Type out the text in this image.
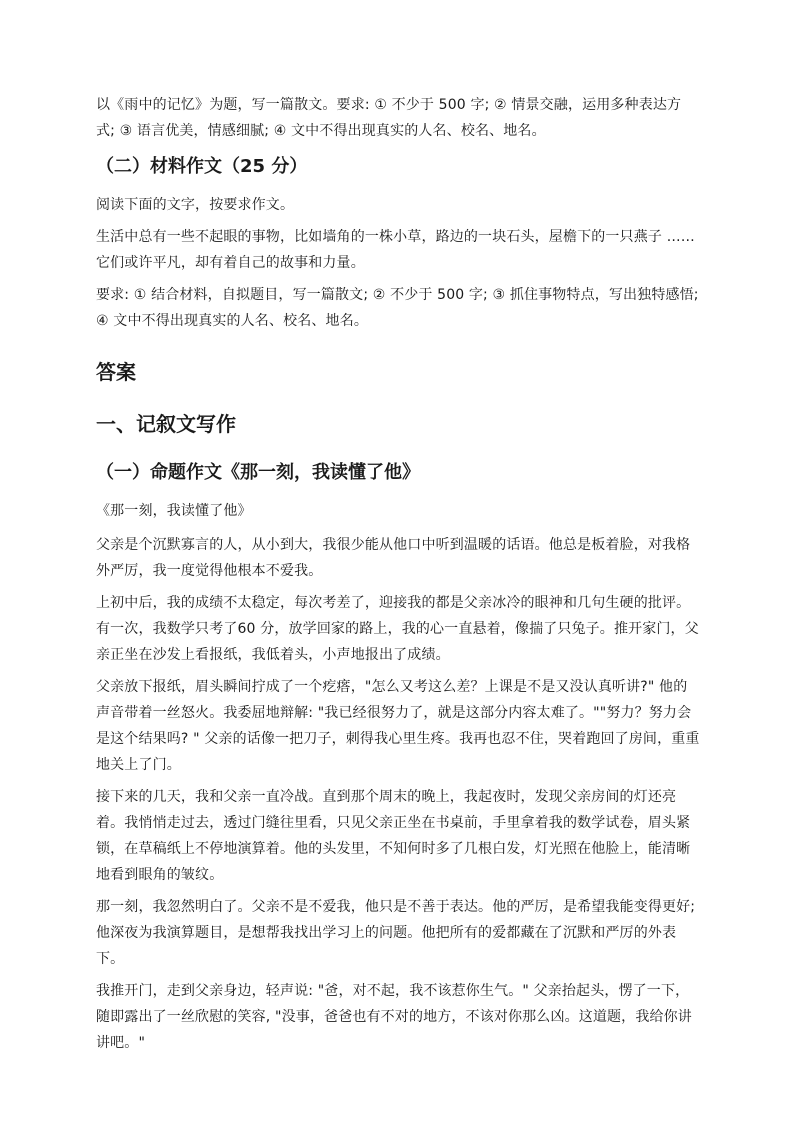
以《雨中的记忆》为题，写一篇散文。要求: ① 不少于 500 字; ② 情景交融，运用多种表达方式; ③ 语言优美，情感细腻; ④ 文中不得出现真实的人名、校名、地名。

（二）材料作文（25 分）

阅读下面的文字，按要求作文。

生活中总有一些不起眼的事物，比如墙角的一株小草，路边的一块石头，屋檐下的一只燕子 …… 它们或许平凡，却有着自己的故事和力量。

要求: ① 结合材料，自拟题目，写一篇散文; ② 不少于 500 字; ③ 抓住事物特点，写出独特感悟; ④ 文中不得出现真实的人名、校名、地名。

答案
一、记叙文写作
（一）命题作文《那一刻，我读懂了他》

《那一刻，我读懂了他》

父亲是个沉默寡言的人，从小到大，我很少能从他口中听到温暖的话语。他总是板着脸，对我格外严厉，我一度觉得他根本不爱我。

上初中后，我的成绩不太稳定，每次考差了，迎接我的都是父亲冰冷的眼神和几句生硬的批评。有一次，我数学只考了60 分，放学回家的路上，我的心一直悬着，像揣了只兔子。推开家门，父亲正坐在沙发上看报纸，我低着头，小声地报出了成绩。

父亲放下报纸，眉头瞬间拧成了一个疙瘩，"怎么又考这么差？上课是不是又没认真听讲?" 他的声音带着一丝怒火。我委屈地辩解: "我已经很努力了，就是这部分内容太难了。""努力？努力会是这个结果吗? " 父亲的话像一把刀子，刺得我心里生疼。我再也忍不住，哭着跑回了房间，重重地关上了门。

接下来的几天，我和父亲一直冷战。直到那个周末的晚上，我起夜时，发现父亲房间的灯还亮着。我悄悄走过去，透过门缝往里看，只见父亲正坐在书桌前，手里拿着我的数学试卷，眉头紧锁，在草稿纸上不停地演算着。他的头发里，不知何时多了几根白发，灯光照在他脸上，能清晰地看到眼角的皱纹。

那一刻，我忽然明白了。父亲不是不爱我，他只是不善于表达。他的严厉，是希望我能变得更好; 他深夜为我演算题目，是想帮我找出学习上的问题。他把所有的爱都藏在了沉默和严厉的外表下。

我推开门，走到父亲身边，轻声说: "爸，对不起，我不该惹你生气。" 父亲抬起头，愣了一下，随即露出了一丝欣慰的笑容, "没事，爸爸也有不对的地方，不该对你那么凶。这道题，我给你讲讲吧。"
